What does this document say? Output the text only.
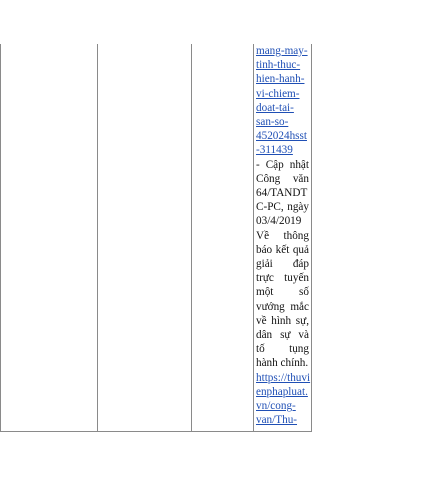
mang-may-
tinh-thuc-
hien-hanh-
vi-chiem-
doat-tai-
san-so-
452024hsst
-311439
- Cập nhật
Công văn
64/TANDT
C-PC, ngày
03/4/2019
Về thông
báo kết quả
giải đáp
trực tuyến
một số
vướng mắc
về hình sự,
dân sự và
tố tụng
hành chính.
https://thuvi
enphapluat.
vn/cong-
van/Thu-
